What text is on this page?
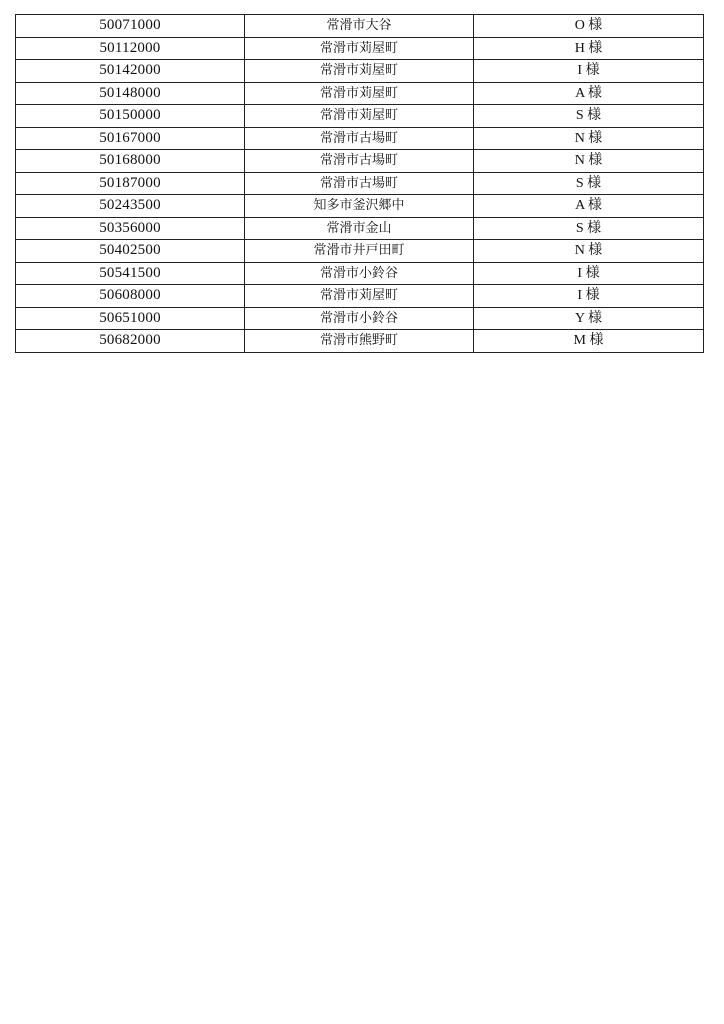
50071000	常滑市大谷	O 様
50112000	常滑市苅屋町	H 様
50142000	常滑市苅屋町	I 様
50148000	常滑市苅屋町	A 様
50150000	常滑市苅屋町	S 様
50167000	常滑市古場町	N 様
50168000	常滑市古場町	N 様
50187000	常滑市古場町	S 様
50243500	知多市釜沢郷中	A 様
50356000	常滑市金山	S 様
50402500	常滑市井戸田町	N 様
50541500	常滑市小鈴谷	I 様
50608000	常滑市苅屋町	I 様
50651000	常滑市小鈴谷	Y 様
50682000	常滑市熊野町	M 様
